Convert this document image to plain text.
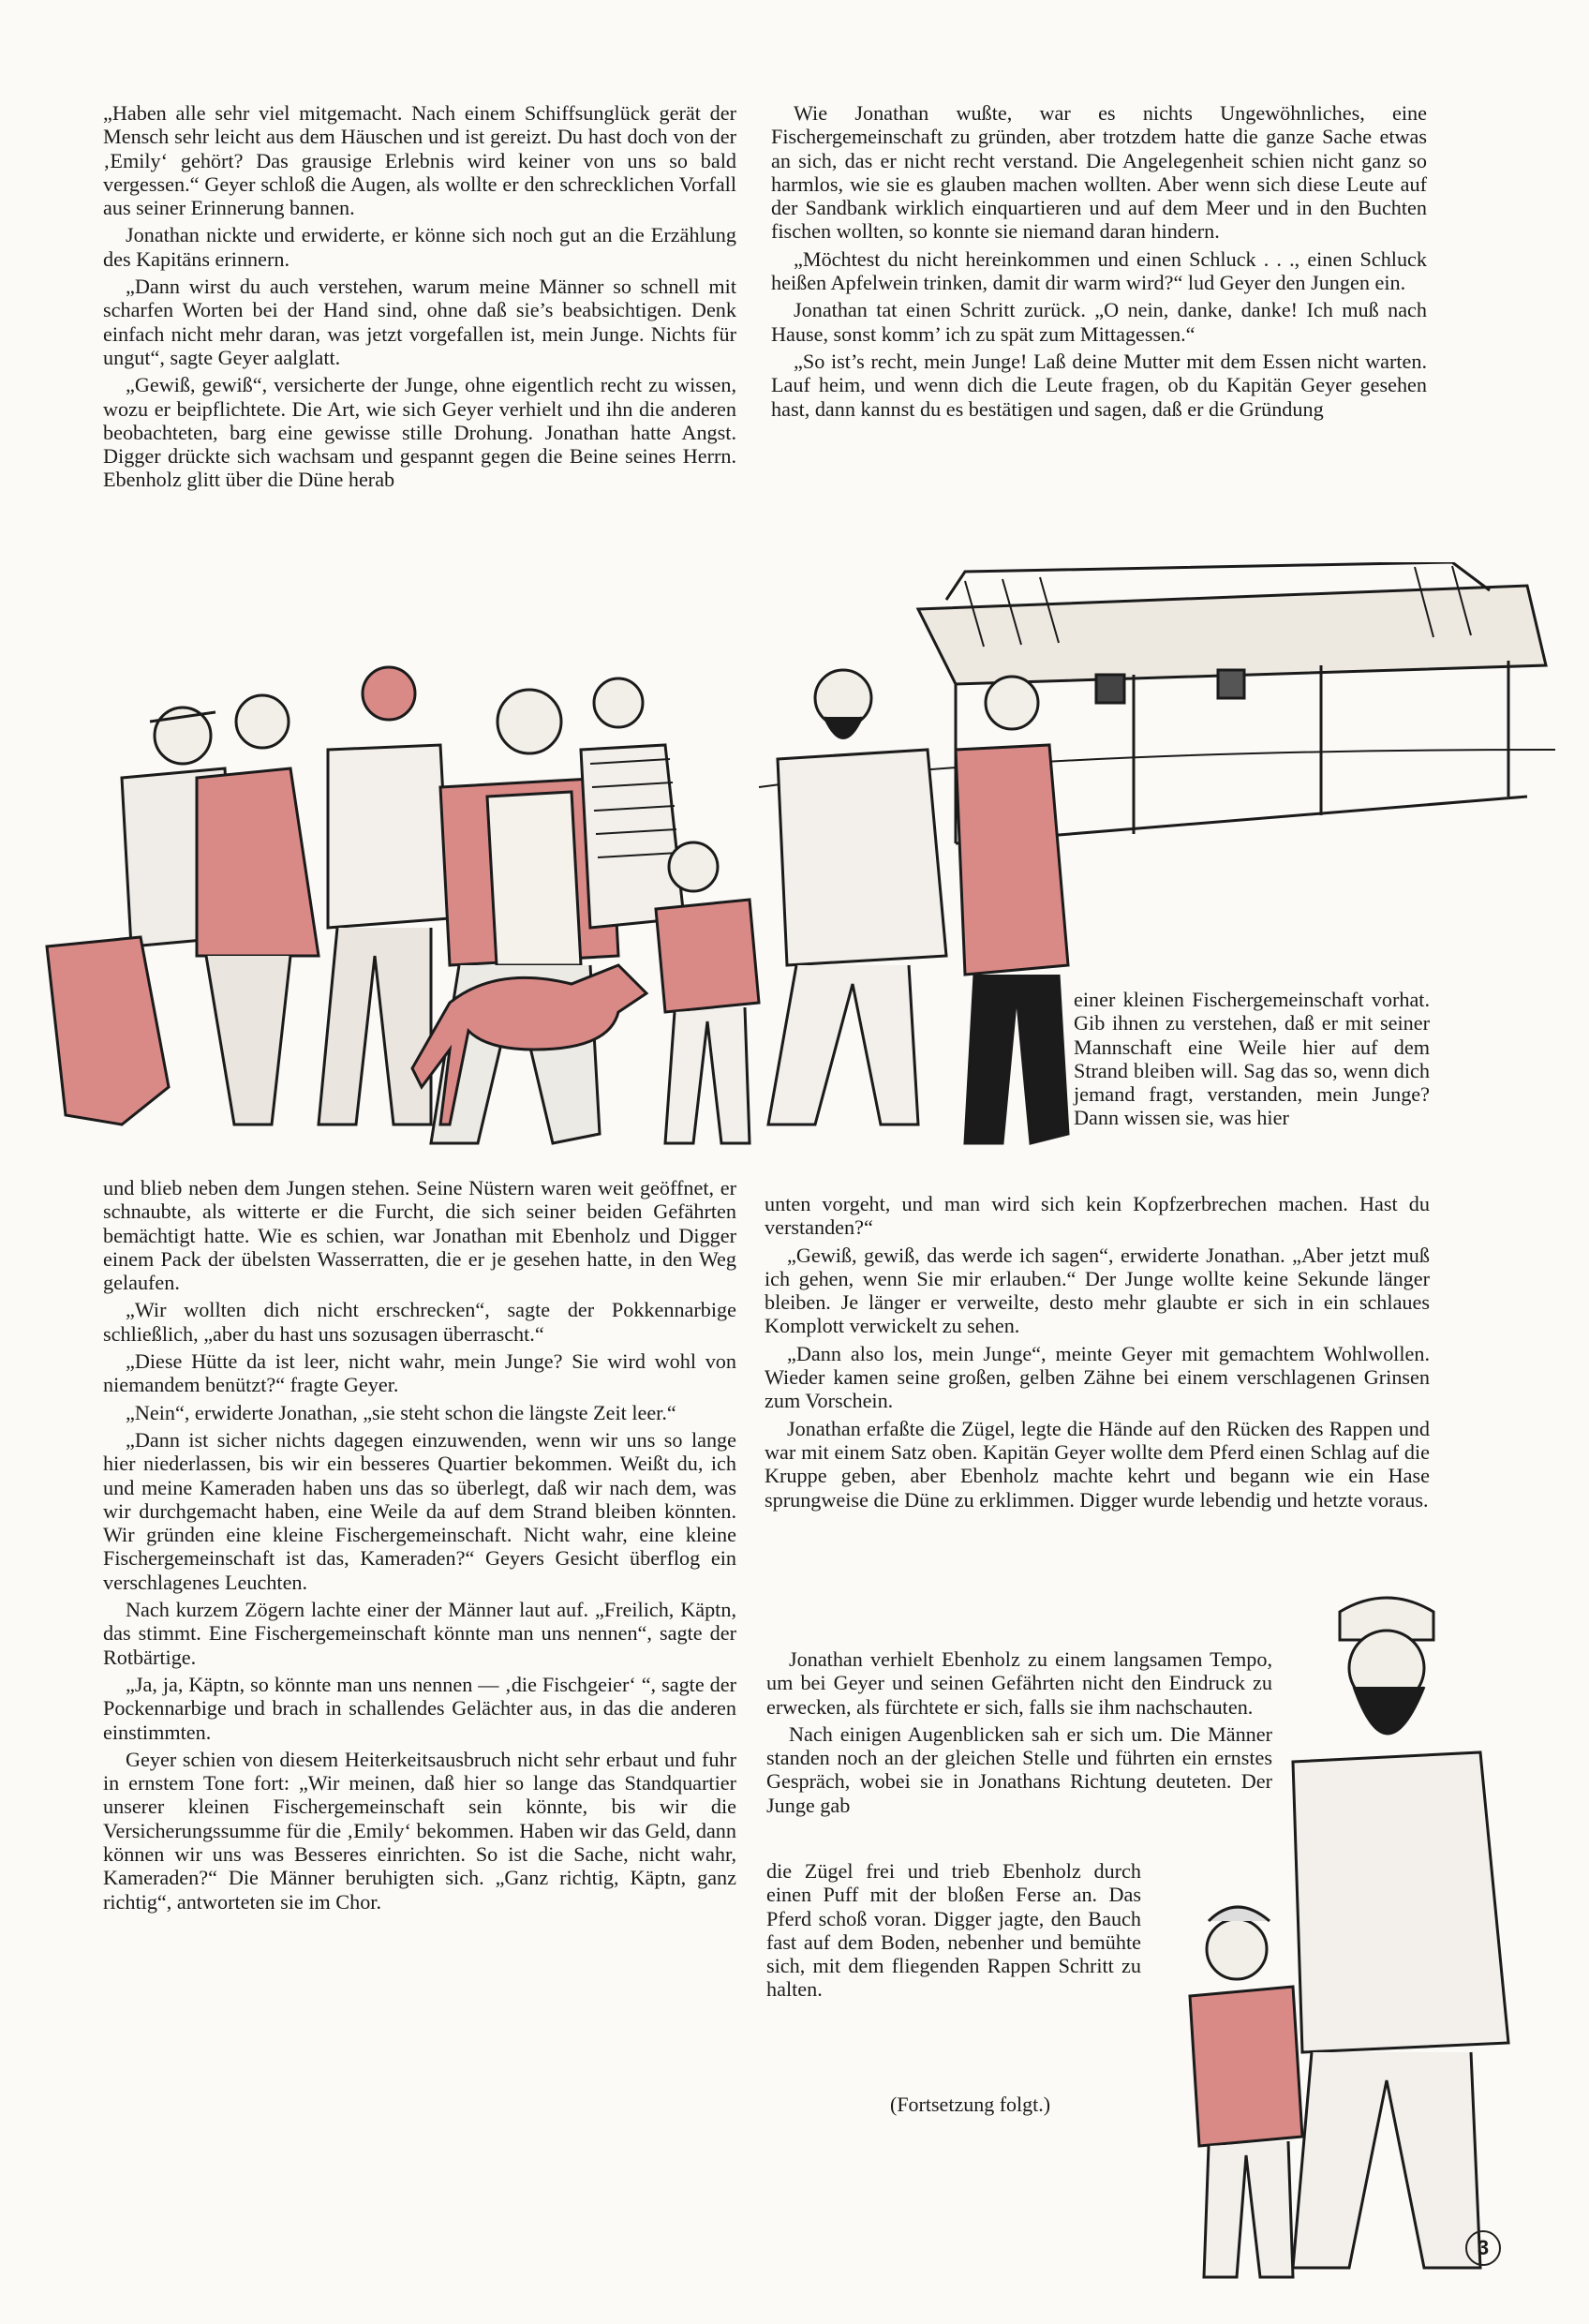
„Haben alle sehr viel mitgemacht. Nach einem Schiffsunglück gerät der Mensch sehr leicht aus dem Häuschen und ist gereizt. Du hast doch von der ‚Emily‘ gehört? Das grausige Erlebnis wird keiner von uns so bald vergessen.“ Geyer schloß die Augen, als wollte er den schrecklichen Vorfall aus seiner Erinnerung bannen.

Jonathan nickte und erwiderte, er könne sich noch gut an die Erzählung des Kapitäns erinnern.

„Dann wirst du auch verstehen, warum meine Männer so schnell mit scharfen Worten bei der Hand sind, ohne daß sie’s beabsichtigen. Denk einfach nicht mehr daran, was jetzt vorgefallen ist, mein Junge. Nichts für ungut“, sagte Geyer aalglatt.

„Gewiß, gewiß“, versicherte der Junge, ohne eigentlich recht zu wissen, wozu er beipflichtete. Die Art, wie sich Geyer verhielt und ihn die anderen beobachteten, barg eine gewisse stille Drohung. Jonathan hatte Angst. Digger drückte sich wachsam und gespannt gegen die Beine seines Herrn. Ebenholz glitt über die Düne herab

Wie Jonathan wußte, war es nichts Ungewöhnliches, eine Fischergemeinschaft zu gründen, aber trotzdem hatte die ganze Sache etwas an sich, das er nicht recht verstand. Die Angelegenheit schien nicht ganz so harmlos, wie sie es glauben machen wollten. Aber wenn sich diese Leute auf der Sandbank wirklich einquartieren und auf dem Meer und in den Buchten fischen wollten, so konnte sie niemand daran hindern.

„Möchtest du nicht hereinkommen und einen Schluck . . ., einen Schluck heißen Apfelwein trinken, damit dir warm wird?“ lud Geyer den Jungen ein.

Jonathan tat einen Schritt zurück. „O nein, danke, danke! Ich muß nach Hause, sonst komm’ ich zu spät zum Mittagessen.“

„So ist’s recht, mein Junge! Laß deine Mutter mit dem Essen nicht warten. Lauf heim, und wenn dich die Leute fragen, ob du Kapitän Geyer gesehen hast, dann kannst du es bestätigen und sagen, daß er die Gründung

einer kleinen Fischergemeinschaft vorhat. Gib ihnen zu verstehen, daß er mit seiner Mannschaft eine Weile hier auf dem Strand bleiben will. Sag das so, wenn dich jemand fragt, verstanden, mein Junge? Dann wissen sie, was hier

und blieb neben dem Jungen stehen. Seine Nüstern waren weit geöffnet, er schnaubte, als witterte er die Furcht, die sich seiner beiden Gefährten bemächtigt hatte. Wie es schien, war Jonathan mit Ebenholz und Digger einem Pack der übelsten Wasserratten, die er je gesehen hatte, in den Weg gelaufen.

„Wir wollten dich nicht erschrecken“, sagte der Pokkennarbige schließlich, „aber du hast uns sozusagen überrascht.“

„Diese Hütte da ist leer, nicht wahr, mein Junge? Sie wird wohl von niemandem benützt?“ fragte Geyer.

„Nein“, erwiderte Jonathan, „sie steht schon die längste Zeit leer.“

„Dann ist sicher nichts dagegen einzuwenden, wenn wir uns so lange hier niederlassen, bis wir ein besseres Quartier bekommen. Weißt du, ich und meine Kameraden haben uns das so überlegt, daß wir nach dem, was wir durchgemacht haben, eine Weile da auf dem Strand bleiben könnten. Wir gründen eine kleine Fischergemeinschaft. Nicht wahr, eine kleine Fischergemeinschaft ist das, Kameraden?“ Geyers Gesicht überflog ein verschlagenes Leuchten.

Nach kurzem Zögern lachte einer der Männer laut auf. „Freilich, Käptn, das stimmt. Eine Fischergemeinschaft könnte man uns nennen“, sagte der Rotbärtige.

„Ja, ja, Käptn, so könnte man uns nennen — ‚die Fischgeier‘ “, sagte der Pockennarbige und brach in schallendes Gelächter aus, in das die anderen einstimmten.

Geyer schien von diesem Heiterkeitsausbruch nicht sehr erbaut und fuhr in ernstem Tone fort: „Wir meinen, daß hier so lange das Standquartier unserer kleinen Fischergemeinschaft sein könnte, bis wir die Versicherungssumme für die ‚Emily‘ bekommen. Haben wir das Geld, dann können wir uns was Besseres einrichten. So ist die Sache, nicht wahr, Kameraden?“ Die Männer beruhigten sich. „Ganz richtig, Käptn, ganz richtig“, antworteten sie im Chor.

unten vorgeht, und man wird sich kein Kopfzerbrechen machen. Hast du verstanden?“

„Gewiß, gewiß, das werde ich sagen“, erwiderte Jonathan. „Aber jetzt muß ich gehen, wenn Sie mir erlauben.“ Der Junge wollte keine Sekunde länger bleiben. Je länger er verweilte, desto mehr glaubte er sich in ein schlaues Komplott verwickelt zu sehen.

„Dann also los, mein Junge“, meinte Geyer mit gemachtem Wohlwollen. Wieder kamen seine großen, gelben Zähne bei einem verschlagenen Grinsen zum Vorschein.

Jonathan erfaßte die Zügel, legte die Hände auf den Rücken des Rappen und war mit einem Satz oben. Kapitän Geyer wollte dem Pferd einen Schlag auf die Kruppe geben, aber Ebenholz machte kehrt und begann wie ein Hase sprungweise die Düne zu erklimmen. Digger wurde lebendig und hetzte voraus.

Jonathan verhielt Ebenholz zu einem langsamen Tempo, um bei Geyer und seinen Gefährten nicht den Eindruck zu erwecken, als fürchtete er sich, falls sie ihm nachschauten.

Nach einigen Augenblicken sah er sich um. Die Männer standen noch an der gleichen Stelle und führten ein ernstes Gespräch, wobei sie in Jonathans Richtung deuteten. Der Junge gab

die Zügel frei und trieb Ebenholz durch einen Puff mit der bloßen Ferse an. Das Pferd schoß voran. Digger jagte, den Bauch fast auf dem Boden, nebenher und bemühte sich, mit dem fliegenden Rappen Schritt zu halten.

(Fortsetzung folgt.)
3
